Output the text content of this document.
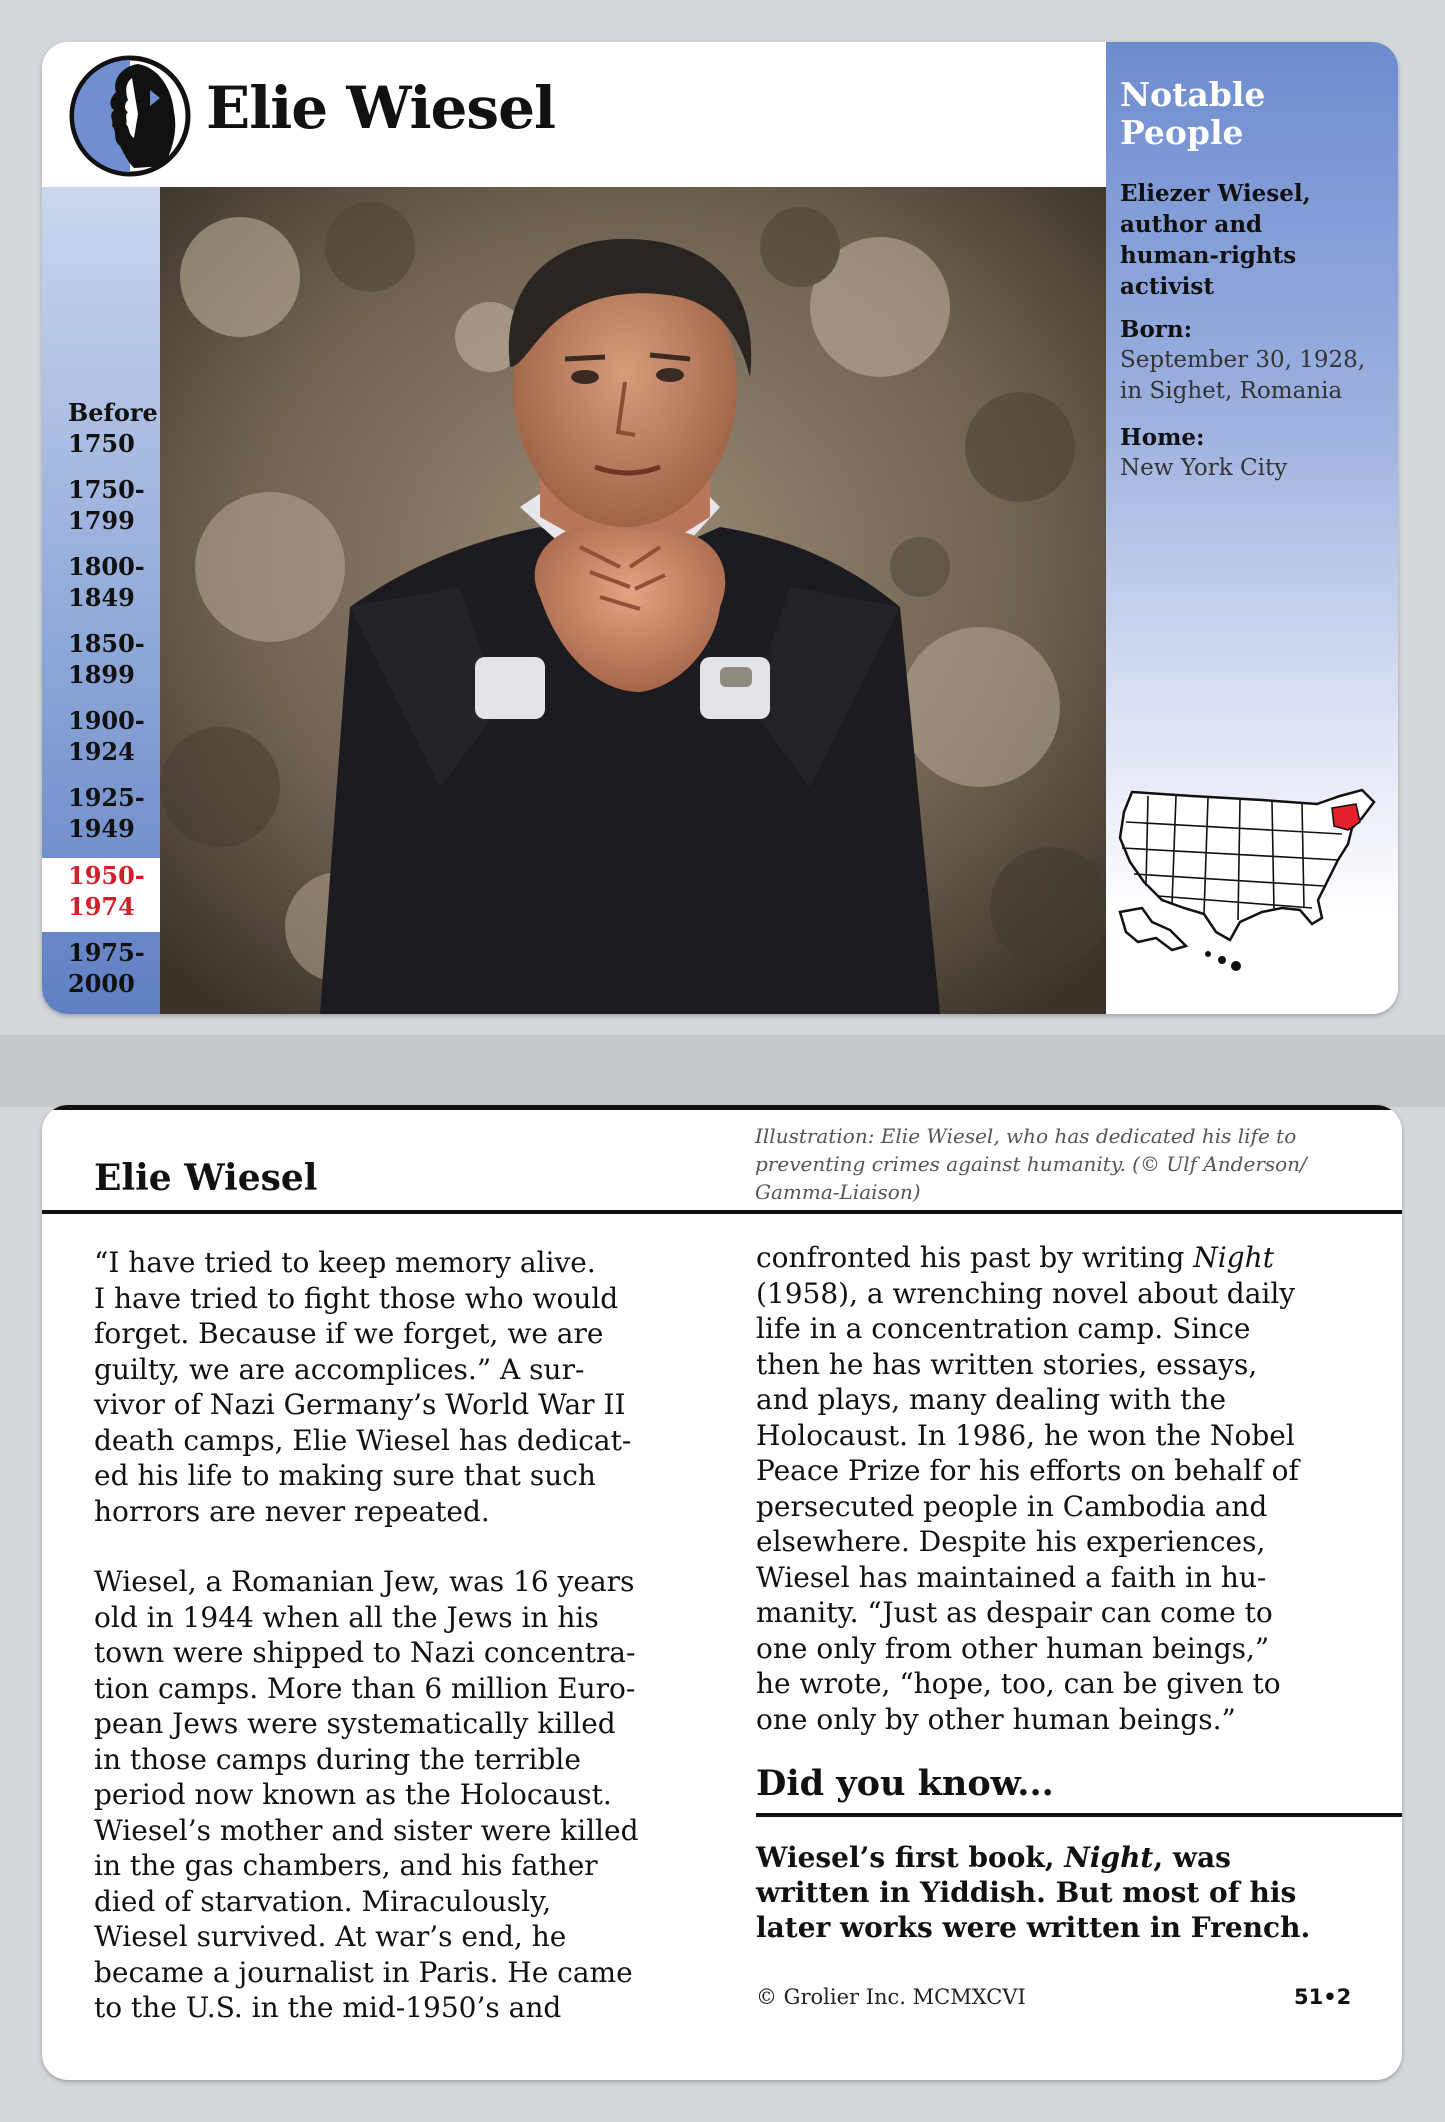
Before
1750
1750-
1799
1800-
1849
1850-
1899
1900-
1924
1925-
1949
1950-
1974
1975-
2000
Elie Wiesel	Notable
People
Eliezer Wiesel,
author and
human-rights
activist
Born:
September 30, 1928,
in Sighet, Romania
Home:
New York City
Elie Wiesel
Illustration: Elie Wiesel, who has dedicated his life to
preventing crimes against humanity. (© Ulf Anderson/
Gamma-Liaison)

“I have tried to keep memory alive.
I have tried to fight those who would
forget. Because if we forget, we are
guilty, we are accomplices.” A sur-
vivor of Nazi Germany’s World War II
death camps, Elie Wiesel has dedicat-
ed his life to making sure that such
horrors are never repeated.

Wiesel, a Romanian Jew, was 16 years
old in 1944 when all the Jews in his
town were shipped to Nazi concentra-
tion camps. More than 6 million Euro-
pean Jews were systematically killed
in those camps during the terrible
period now known as the Holocaust.
Wiesel’s mother and sister were killed
in the gas chambers, and his father
died of starvation. Miraculously,
Wiesel survived. At war’s end, he
became a journalist in Paris. He came
to the U.S. in the mid-1950’s and

confronted his past by writing Night
(1958), a wrenching novel about daily
life in a concentration camp. Since
then he has written stories, essays,
and plays, many dealing with the
Holocaust. In 1986, he won the Nobel
Peace Prize for his efforts on behalf of
persecuted people in Cambodia and
elsewhere. Despite his experiences,
Wiesel has maintained a faith in hu-
manity. “Just as despair can come to
one only from other human beings,”
he wrote, “hope, too, can be given to
one only by other human beings.”

Did you know...
Wiesel’s first book, Night, was
written in Yiddish. But most of his
later works were written in French.
© Grolier Inc. MCMXCVI	51•2
